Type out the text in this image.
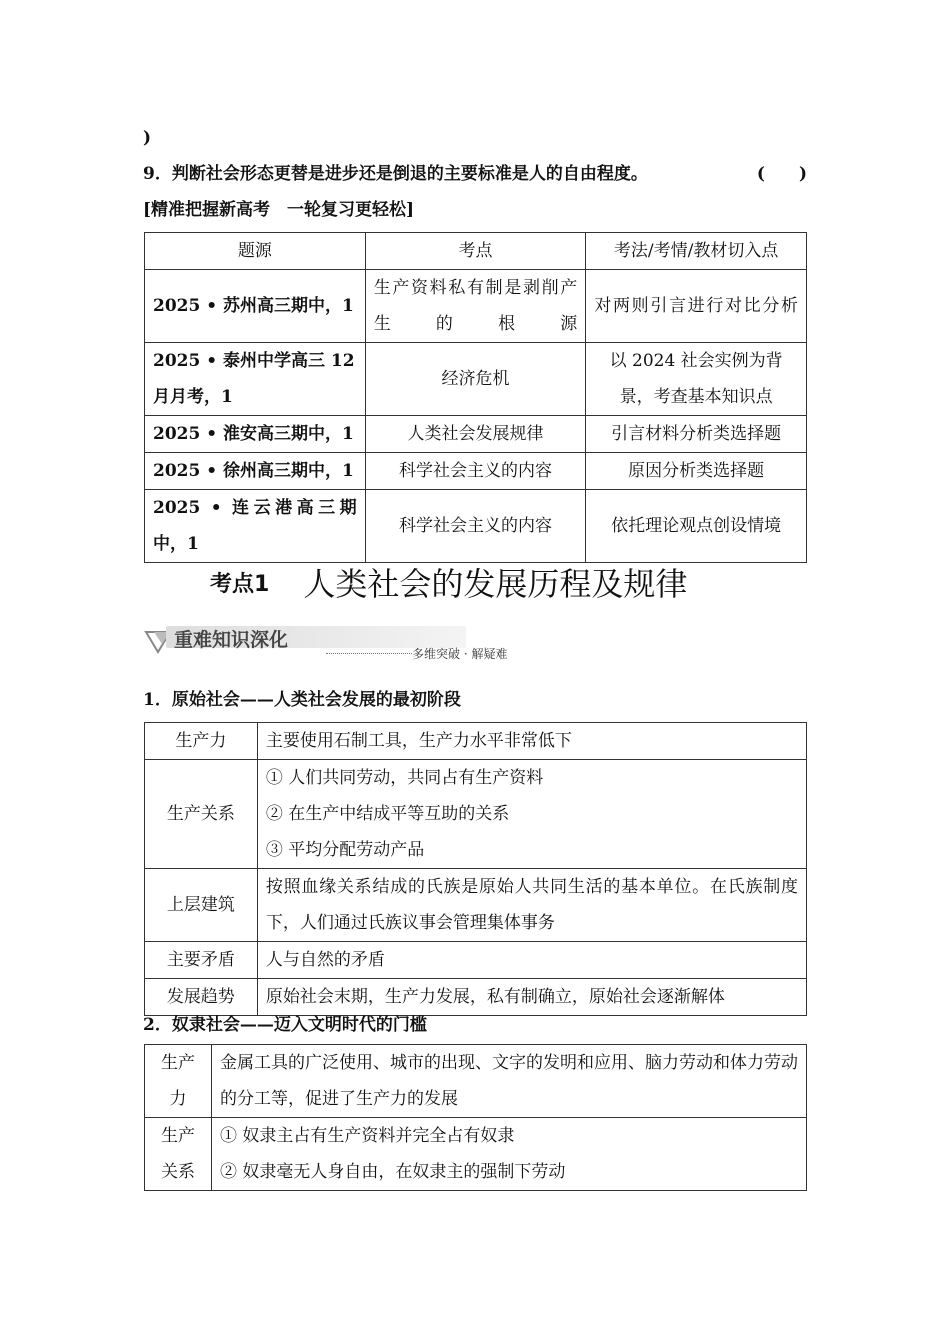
)
9．判断社会形态更替是进步还是倒退的主要标准是人的自由程度。	(　　)
[精准把握新高考　一轮复习更轻松]
题源	考点	考法/考情/教材切入点
2025 • 苏州高三期中，1	生产资料私有制是剥削产生的根源	对两则引言进行对比分析
2025 • 泰州中学高三 12 月月考，1	经济危机	以 2024 社会实例为背景，考查基本知识点
2025 • 淮安高三期中，1	人类社会发展规律	引言材料分析类选择题
2025 • 徐州高三期中，1	科学社会主义的内容	原因分析类选择题
2025 • 连云港高三期中，1	科学社会主义的内容	依托理论观点创设情境
考点1 人类社会的发展历程及规律
重难知识深化
多维突破 · 解疑难
1．原始社会——人类社会发展的最初阶段
生产力	主要使用石制工具，生产力水平非常低下
生产关系	① 人们共同劳动，共同占有生产资料
② 在生产中结成平等互助的关系
③ 平均分配劳动产品

上层建筑	按照血缘关系结成的氏族是原始人共同生活的基本单位。在氏族制度下，人们通过氏族议事会管理集体事务
主要矛盾	人与自然的矛盾
发展趋势	原始社会末期，生产力发展，私有制确立，原始社会逐渐解体
2．奴隶社会——迈入文明时代的门槛
生产力	金属工具的广泛使用、城市的出现、文字的发明和应用、脑力劳动和体力劳动的分工等，促进了生产力的发展
生产关系	① 奴隶主占有生产资料并完全占有奴隶
② 奴隶毫无人身自由，在奴隶主的强制下劳动
